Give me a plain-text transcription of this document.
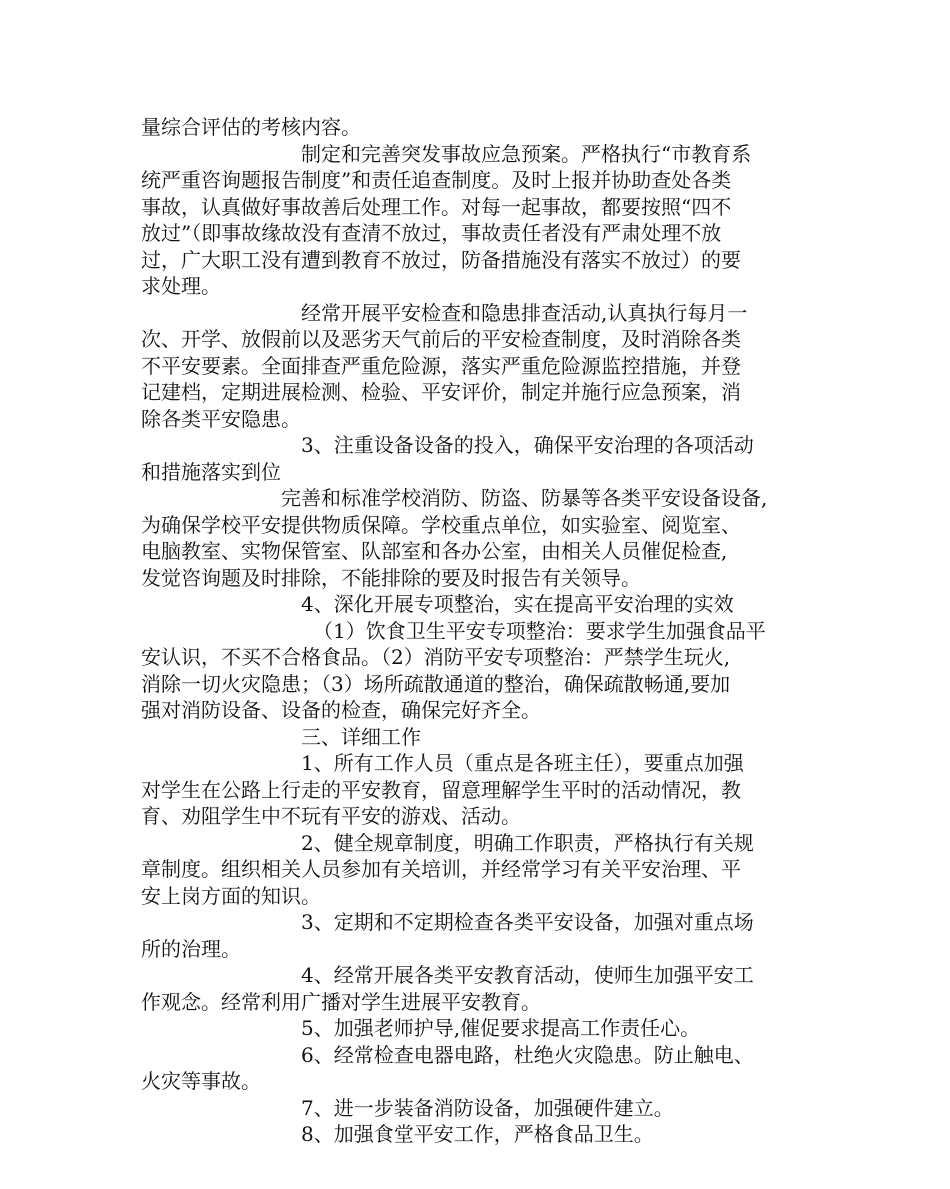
量综合评估的考核内容。
制定和完善突发事故应急预案。严格执行“市教育系
统严重咨询题报告制度”和责任追查制度。及时上报并协助查处各类
事故，认真做好事故善后处理工作。对每一起事故，都要按照“四不
放过”（即事故缘故没有查清不放过，事故责任者没有严肃处理不放
过，广大职工没有遭到教育不放过，防备措施没有落实不放过）的要
求处理。
经常开展平安检查和隐患排查活动,认真执行每月一
次、开学、放假前以及恶劣天气前后的平安检查制度，及时消除各类
不平安要素。全面排查严重危险源，落实严重危险源监控措施，并登
记建档，定期进展检测、检验、平安评价，制定并施行应急预案，消
除各类平安隐患。
3、注重设备设备的投入，确保平安治理的各项活动
和措施落实到位
完善和标准学校消防、防盗、防暴等各类平安设备设备,
为确保学校平安提供物质保障。学校重点单位，如实验室、阅览室、
电脑教室、实物保管室、队部室和各办公室，由相关人员催促检查,
发觉咨询题及时排除，不能排除的要及时报告有关领导。
4、深化开展专项整治，实在提高平安治理的实效
（1）饮食卫生平安专项整治：要求学生加强食品平
安认识，不买不合格食品。（2）消防平安专项整治：严禁学生玩火,
消除一切火灾隐患；（3）场所疏散通道的整治，确保疏散畅通,要加
强对消防设备、设备的检查，确保完好齐全。
三、详细工作
1、所有工作人员（重点是各班主任），要重点加强
对学生在公路上行走的平安教育，留意理解学生平时的活动情况，教
育、劝阻学生中不玩有平安的游戏、活动。
2、健全规章制度，明确工作职责，严格执行有关规
章制度。组织相关人员参加有关培训，并经常学习有关平安治理、平
安上岗方面的知识。
3、定期和不定期检查各类平安设备，加强对重点场
所的治理。
4、经常开展各类平安教育活动，使师生加强平安工
作观念。经常利用广播对学生进展平安教育。
5、加强老师护导,催促要求提高工作责任心。
6、经常检查电器电路，杜绝火灾隐患。防止触电、
火灾等事故。
7、进一步装备消防设备，加强硬件建立。
8、加强食堂平安工作，严格食品卫生。
